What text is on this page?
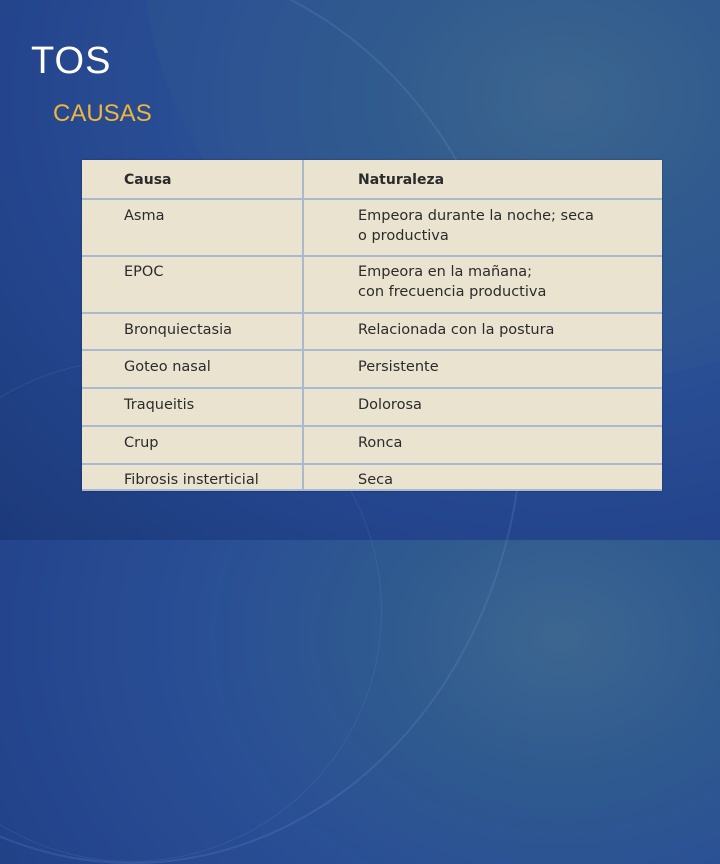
TOS
CAUSAS
Causa	Naturaleza
Asma	Empeora durante la noche; seca
o productiva
EPOC	Empeora en la mañana;
con frecuencia productiva
Bronquiectasia	Relacionada con la postura
Goteo nasal	Persistente
Traqueitis	Dolorosa
Crup	Ronca
Fibrosis insterticial	Seca
